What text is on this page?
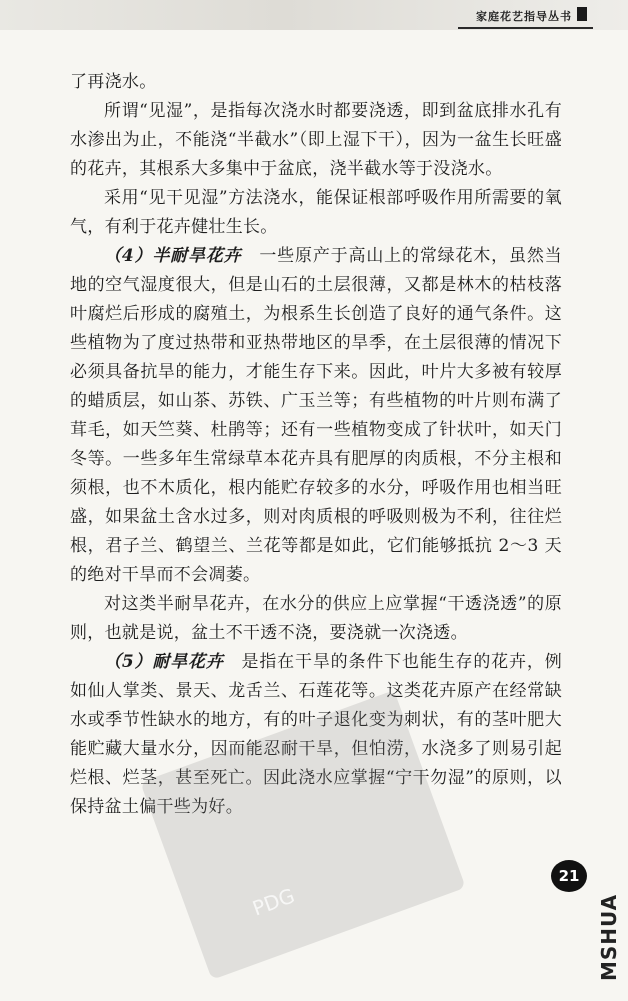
家庭花艺指导丛书

了再浇水。

所谓“见湿”，是指每次浇水时都要浇透，即到盆底排水孔有水渗出为止，不能浇“半截水”（即上湿下干），因为一盆生长旺盛的花卉，其根系大多集中于盆底，浇半截水等于没浇水。

采用“见干见湿”方法浇水，能保证根部呼吸作用所需要的氧气，有利于花卉健壮生长。

（4）半耐旱花卉　 一些原产于高山上的常绿花木，虽然当地的空气湿度很大，但是山石的土层很薄，又都是林木的枯枝落叶腐烂后形成的腐殖土，为根系生长创造了良好的通气条件。这些植物为了度过热带和亚热带地区的旱季，在土层很薄的情况下必须具备抗旱的能力，才能生存下来。因此，叶片大多被有较厚的蜡质层，如山茶、苏铁、广玉兰等；有些植物的叶片则布满了茸毛，如天竺葵、杜鹃等；还有一些植物变成了针状叶，如天门冬等。一些多年生常绿草本花卉具有肥厚的肉质根，不分主根和须根，也不木质化，根内能贮存较多的水分，呼吸作用也相当旺盛，如果盆土含水过多，则对肉质根的呼吸则极为不利，往往烂根，君子兰、鹤望兰、兰花等都是如此，它们能够抵抗 2～3 天的绝对干旱而不会凋萎。

对这类半耐旱花卉，在水分的供应上应掌握“干透浇透”的原则，也就是说，盆土不干透不浇，要浇就一次浇透。

（5）耐旱花卉　 是指在干旱的条件下也能生存的花卉，例如仙人掌类、景天、龙舌兰、石莲花等。这类花卉原产在经常缺水或季节性缺水的地方，有的叶子退化变为刺状，有的茎叶肥大能贮藏大量水分，因而能忍耐干旱，但怕涝，水浇多了则易引起烂根、烂茎，甚至死亡。因此浇水应掌握“宁干勿湿”的原则，以保持盆土偏干些为好。

PDG
21
MSHUA
